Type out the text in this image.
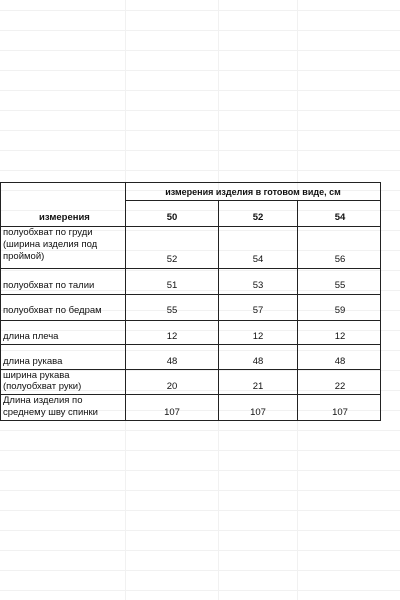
измерения изделия в готовом виде, см
измерения	50	52	54
полуобхват по груди
(ширина изделия под
проймой)	52	54	56
полуобхват по талии	51	53	55
полуобхват по бедрам	55	57	59
длина плеча	12	12	12
длина рукава	48	48	48
ширина рукава
(полуобхват руки)	20	21	22
Длина изделия по
среднему шву спинки	107	107	107
